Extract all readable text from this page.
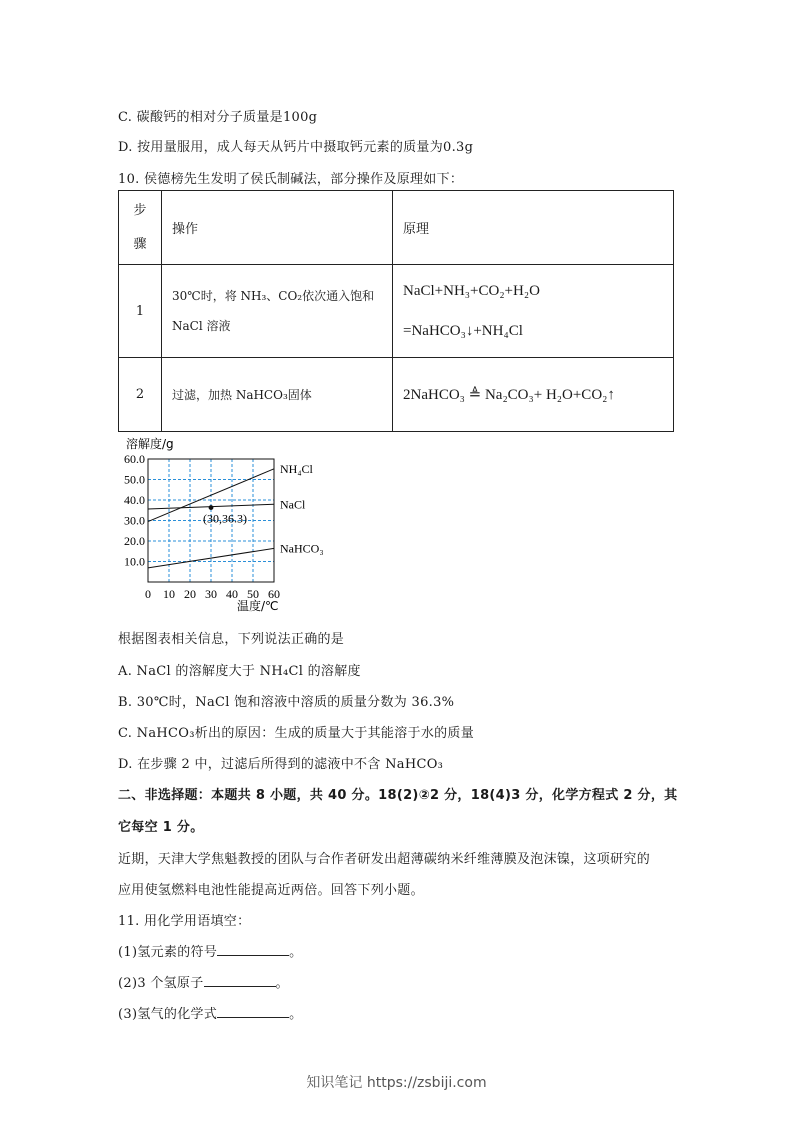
C. 碳酸钙的相对分子质量是100g
D. 按用量服用，成人每天从钙片中摄取钙元素的质量为0.3g
10. 侯德榜先生发明了侯氏制碱法，部分操作及原理如下：
步
骤	操作	原理
1	30℃时，将 NH₃、CO₂依次通入饱和
NaCl 溶液	NaCl+NH₃+CO₂+H₂O
=NaHCO₃↓+NH₄Cl
2	过滤，加热 NaHCO₃固体	2NaHCO₃ ≜ Na₂CO₃+ H₂O+CO₂↑
NH₄Cl
NaCl
NaHCO₃
(30,36.3)
0 10 20 30 40 50 60
10.0
20.0
30.0
40.0
50.0
60.0
溶解度/g
温度/℃
根据图表相关信息，下列说法正确的是
A. NaCl 的溶解度大于 NH₄Cl 的溶解度
B. 30℃时，NaCl 饱和溶液中溶质的质量分数为 36.3%
C. NaHCO₃析出的原因：生成的质量大于其能溶于水的质量
D. 在步骤 2 中，过滤后所得到的滤液中不含 NaHCO₃
二、非选择题：本题共 8 小题，共 40 分。18(2)②2 分，18(4)3 分，化学方程式 2 分，其
它每空 1 分。
近期，天津大学焦魁教授的团队与合作者研发出超薄碳纳米纤维薄膜及泡沫镍，这项研究的
应用使氢燃料电池性能提高近两倍。回答下列小题。
11. 用化学用语填空：
(1)氢元素的符号	。
(2)3 个氢原子	。
(3)氢气的化学式	。
知识笔记 https://zsbiji.com
